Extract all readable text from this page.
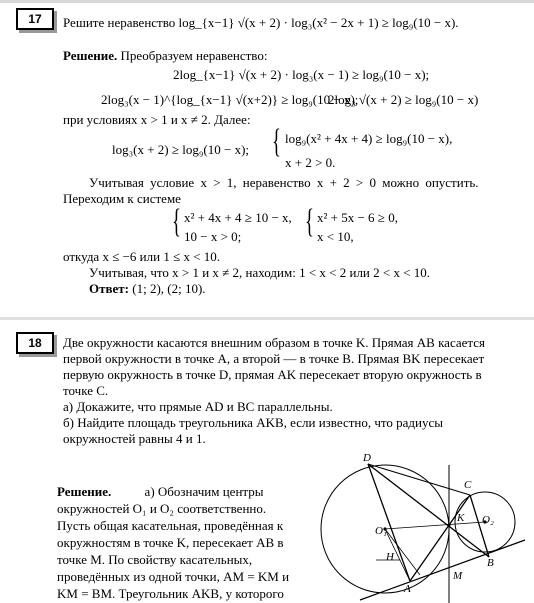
17	Решите неравенство log_{x−1} √(x + 2) · log₃(x² − 2x + 1) ≥ log₉(10 − x).
Решение. Преобразуем неравенство:
2log_{x−1} √(x + 2) · log₃(x − 1) ≥ log₉(10 − x);
2log₃(x − 1)^{log_{x−1} √(x+2)} ≥ log₉(10 − x);
2log₃ √(x + 2) ≥ log₉(10 − x)
при условиях x > 1 и x ≠ 2. Далее:
log₃(x + 2) ≥ log₉(10 − x); { log₉(x² + 4x + 4) ≥ log₉(10 − x),
x + 2 > 0.
Учитывая условие x > 1, неравенство x + 2 > 0 можно опустить.
Переходим к системе
{ x² + 4x + 4 ≥ 10 − x,
10 − x > 0; { x² + 5x − 6 ≥ 0,
x < 10,
откуда x ≤ −6 или 1 ≤ x < 10.
Учитывая, что x > 1 и x ≠ 2, находим: 1 < x < 2 или 2 < x < 10.
Ответ: (1; 2), (2; 10).
18	Две окружности касаются внешним образом в точке K. Прямая AB касается
первой окружности в точке A, а второй — в точке B. Прямая BK пересекает
первую окружность в точке D, прямая AK пересекает вторую окружность в
точке C.
а) Докажите, что прямые AD и BC параллельны.
б) Найдите площадь треугольника AKB, если известно, что радиусы
окружностей равны 4 и 1.
Решение.	а) Обозначим центры
окружностей O₁ и O₂ соответственно.
Пусть общая касательная, проведённая к
окружностям в точке K, пересекает AB в
точке M. По свойству касательных,
проведённых из одной точки, AM = KM и
KM = BM. Треугольник AKB, у которого
D
C
K
O₁
O₂
H
A
M
B
